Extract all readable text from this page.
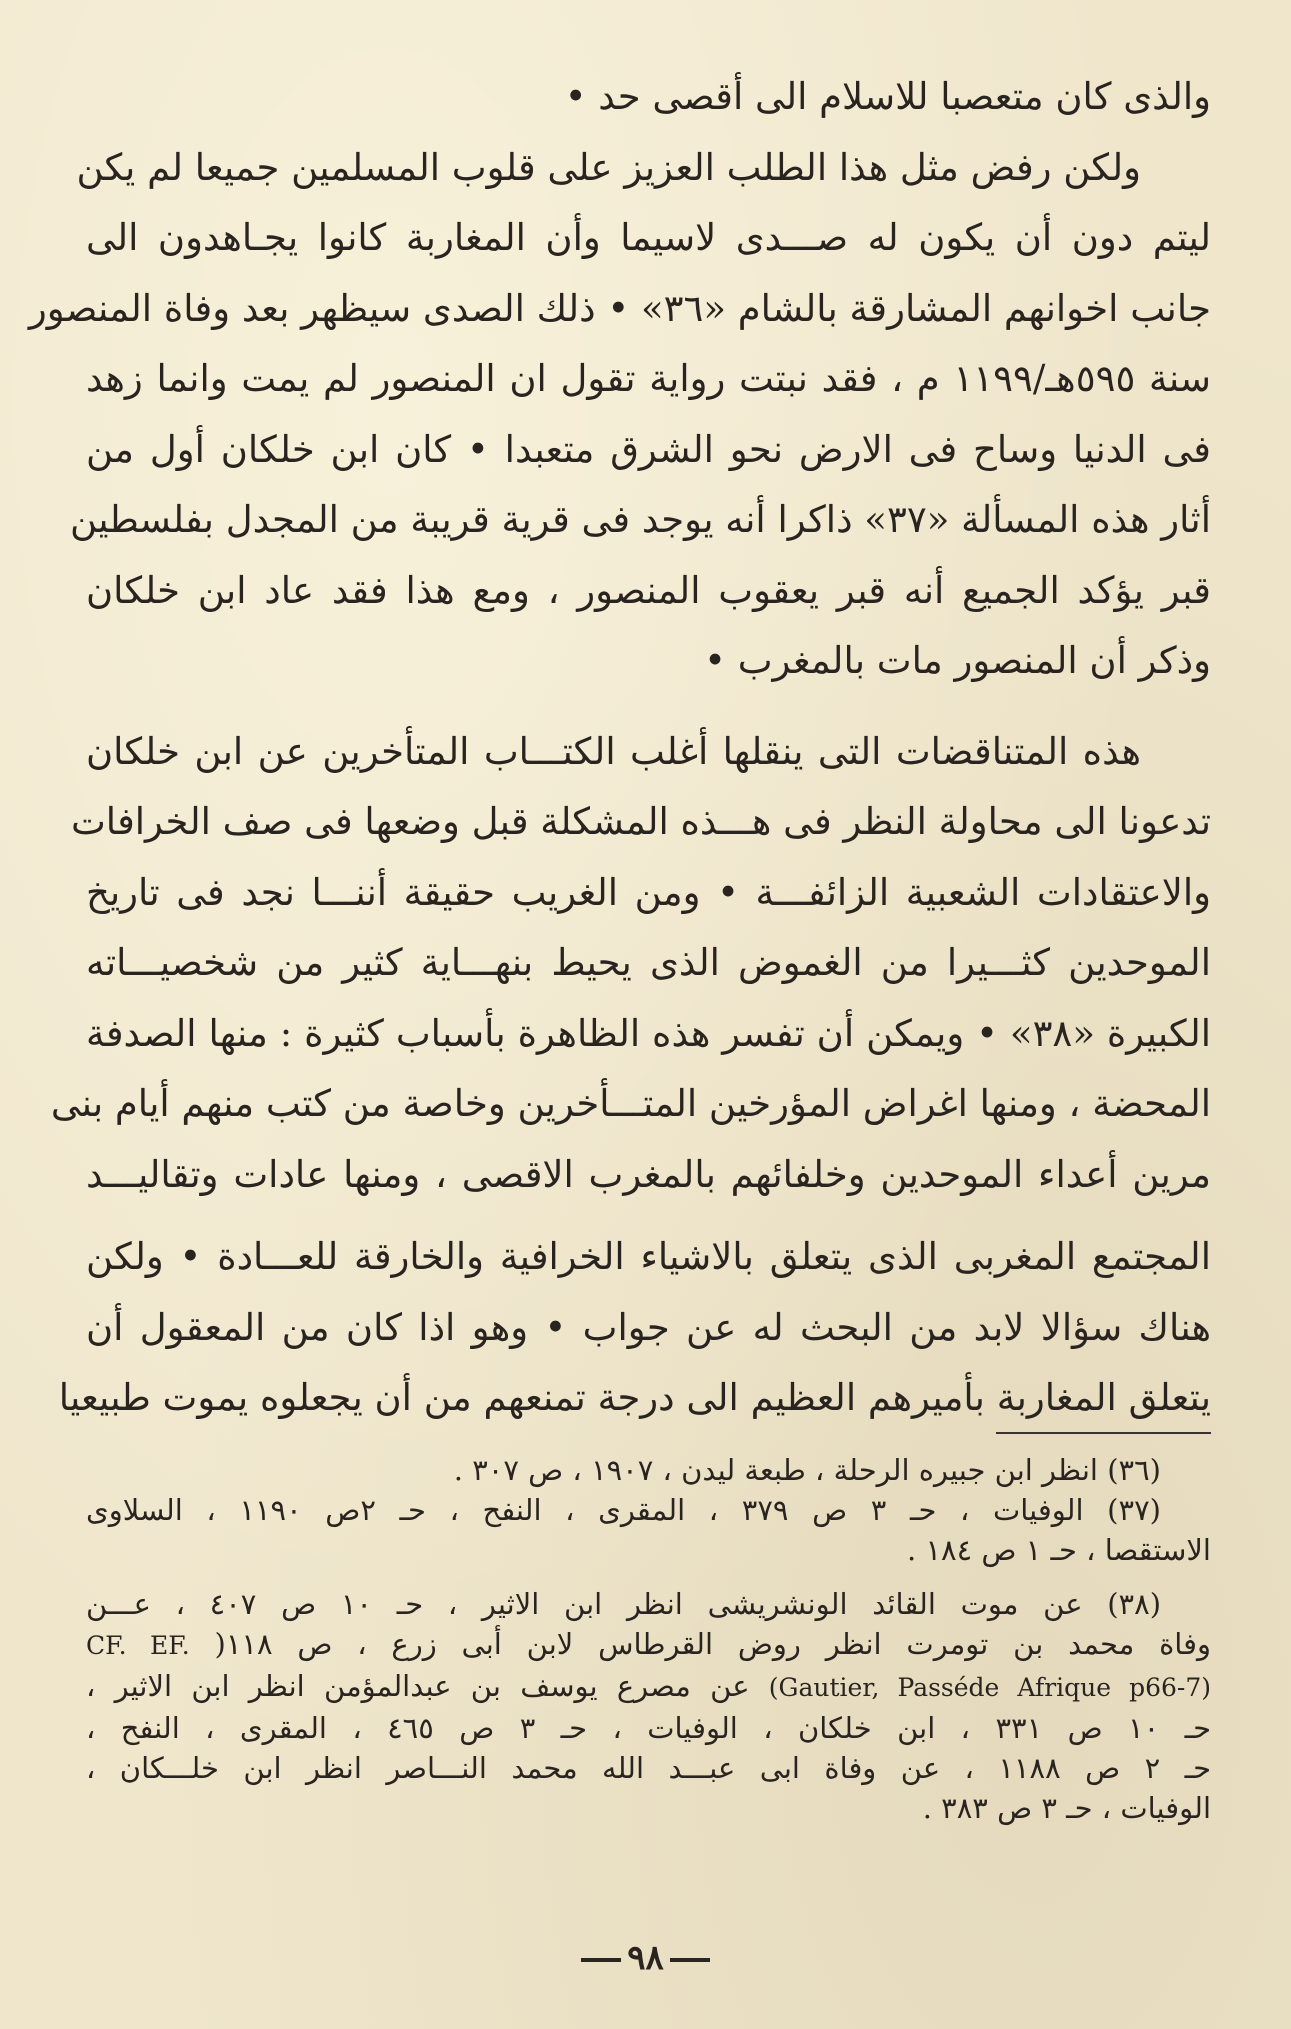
والذى كان متعصبا للاسلام الى أقصى حد •
ولكن رفض مثل هذا الطلب العزيز على قلوب المسلمين جميعا لم يكن
ليتم دون أن يكون له صـــدى لاسيما وأن المغاربة كانوا يجـاهدون الى
جانب اخوانهم المشارقة بالشام «٣٦» • ذلك الصدى سيظهر بعد وفاة المنصور
سنة ٥٩٥هـ/١١٩٩ م ، فقد نبتت رواية تقول ان المنصور لم يمت وانما زهد
فى الدنيا وساح فى الارض نحو الشرق متعبدا • كان ابن خلكان أول من
أثار هذه المسألة «٣٧» ذاكرا أنه يوجد فى قرية قريبة من المجدل بفلسطين
قبر يؤكد الجميع أنه قبر يعقوب المنصور ، ومع هذا فقد عاد ابن خلكان
وذكر أن المنصور مات بالمغرب •
هذه المتناقضات التى ينقلها أغلب الكتـــاب المتأخرين عن ابن خلكان
تدعونا الى محاولة النظر فى هـــذه المشكلة قبل وضعها فى صف الخرافات
والاعتقادات الشعبية الزائفـــة • ومن الغريب حقيقة أننـــا نجد فى تاريخ
الموحدين كثـــيرا من الغموض الذى يحيط بنهـــاية كثير من شخصيـــاته
الكبيرة «٣٨» • ويمكن أن تفسر هذه الظاهرة بأسباب كثيرة : منها الصدفة
المحضة ، ومنها اغراض المؤرخين المتـــأخرين وخاصة من كتب منهم أيام بنى
مرين أعداء الموحدين وخلفائهم بالمغرب الاقصى ، ومنها عادات وتقاليـــد
المجتمع المغربى الذى يتعلق بالاشياء الخرافية والخارقة للعـــادة • ولكن
هناك سؤالا لابد من البحث له عن جواب • وهو اذا كان من المعقول أن
يتعلق المغاربة بأميرهم العظيم الى درجة تمنعهم من أن يجعلوه يموت طبيعيا
(٣٦) انظر ابن جبيره الرحلة ، طبعة ليدن ، ١٩٠٧ ، ص ٣٠٧ .
(٣٧) الوفيات ، حـ ٣ ص ٣٧٩ ، المقرى ، النفح ، حـ ٢ص ١١٩٠ ، السلاوى
الاستقصا ، حـ ١ ص ١٨٤ .
(٣٨) عن موت القائد الونشريشى انظر ابن الاثير ، حـ ١٠ ص ٤٠٧ ، عـــن
وفاة محمد بن تومرت انظر روض القرطاس لابن أبى زرع ، ص ١١٨( CF. EF.
(Gautier, Passéde Afrique p66-7) عن مصرع يوسف بن عبدالمؤمن انظر ابن الاثير ،
حـ ١٠ ص ٣٣١ ، ابن خلكان ، الوفيات ، حـ ٣ ص ٤٦٥ ، المقرى ، النفح ،
حـ ٢ ص ١١٨٨ ، عن وفاة ابى عبـــد الله محمد النـــاصر انظر ابن خلـــكان ،
الوفيات ، حـ ٣ ص ٣٨٣ .
٩٨
